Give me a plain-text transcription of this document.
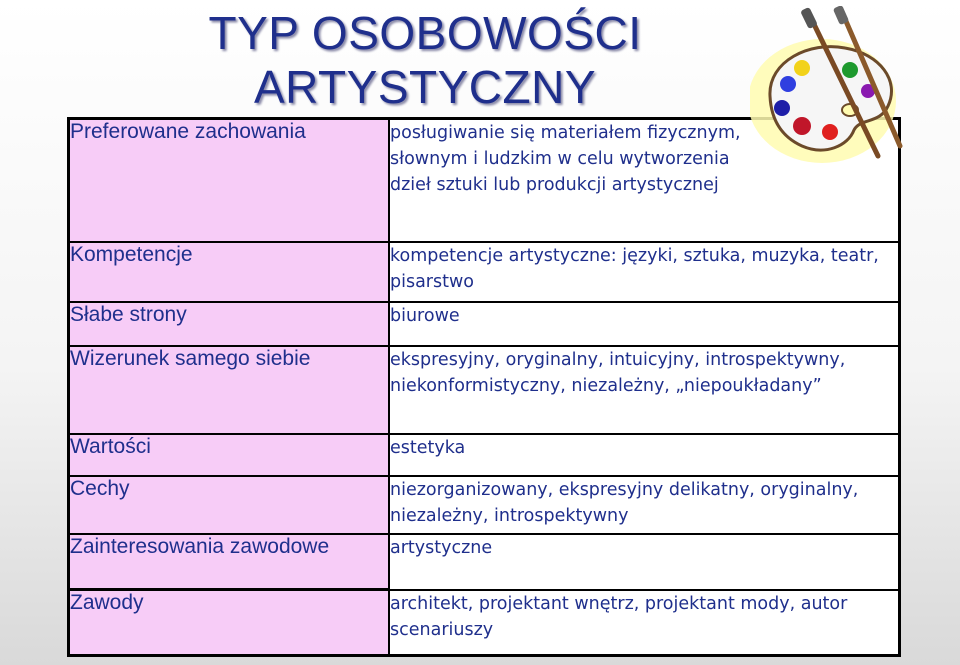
TYP OSOBOWOŚCI
ARTYSTYCZNY
Preferowane zachowania	posługiwanie się materiałem fizycznym, słownym i ludzkim w celu wytworzenia dzieł sztuki lub produkcji artystycznej
Kompetencje	kompetencje artystyczne: języki, sztuka, muzyka, teatr, pisarstwo
Słabe strony	biurowe
Wizerunek samego siebie	ekspresyjny, oryginalny, intuicyjny, introspektywny, niekonformistyczny, niezależny, „niepoukładany”
Wartości	estetyka
Cechy	niezorganizowany, ekspresyjny delikatny, oryginalny, niezależny, introspektywny
Zainteresowania zawodowe	artystyczne
Zawody	architekt, projektant wnętrz, projektant mody, autor scenariuszy
